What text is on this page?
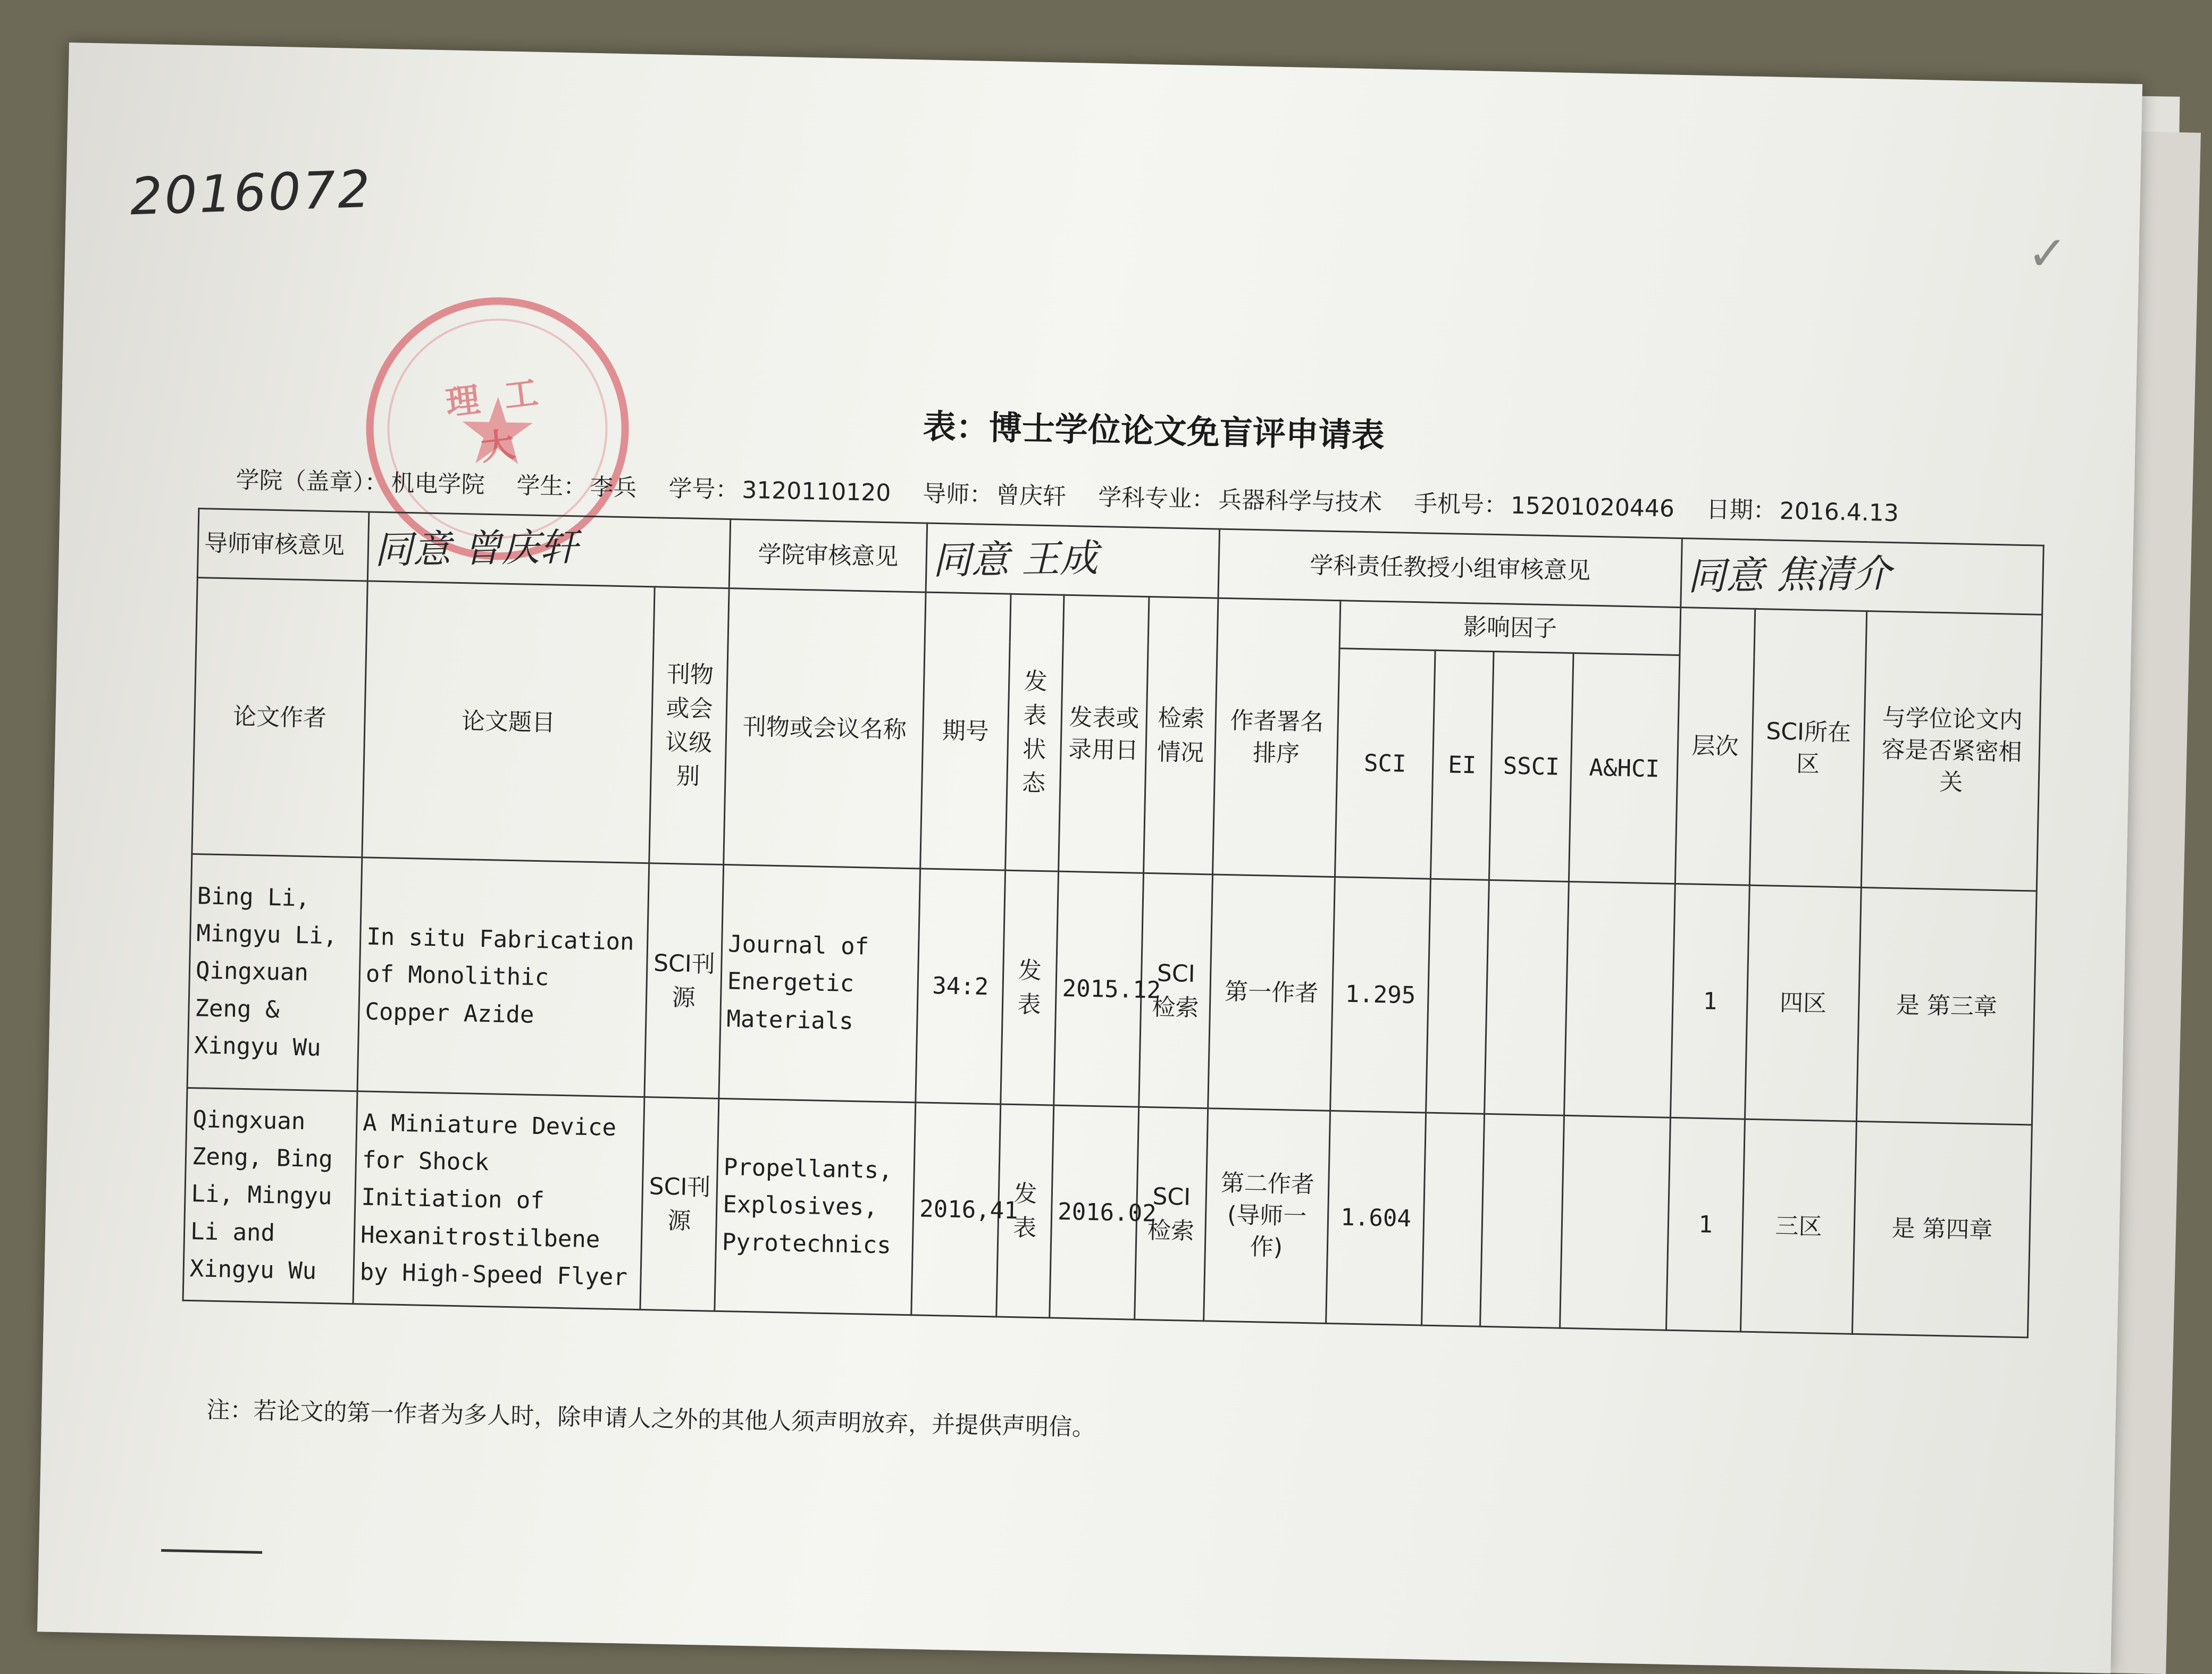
2016072
✓
理 工 大	表：博士学位论文免盲评申请表
学院（盖章）： 机电学院 学生： 李兵 学号： 3120110120 导师： 曾庆轩 学科专业： 兵器科学与技术 手机号： 15201020446 日期： 2016.4.13
导师审核意见	同意 曾庆轩		学院审核意见	同意 王成				学科责任教授小组审核意见					同意 焦清介		
论文作者	论文题目	刊物或会议级别	刊物或会议名称	期号	发表状态	发表或录用日	检索情况	作者署名排序	影响因子				层次	SCI所在区	与学位论文内容是否紧密相关
									SCI	EI	SSCI	A&HCI			
Bing Li, Mingyu Li, Qingxuan Zeng & Xingyu Wu	In situ Fabrication of Monolithic Copper Azide	SCI刊源	Journal of Energetic Materials	34:2	发表	2015.12	SCI检索	第一作者	1.295				1	四区	是 第三章
Qingxuan Zeng, Bing Li, Mingyu Li and Xingyu Wu	A Miniature Device for Shock Initiation of Hexanitrostilbene by High-Speed Flyer	SCI刊源	Propellants, Explosives, Pyrotechnics	2016,41	发表	2016.02	SCI检索	第二作者(导师一作)	1.604				1	三区	是 第四章
注：若论文的第一作者为多人时，除申请人之外的其他人须声明放弃，并提供声明信。
